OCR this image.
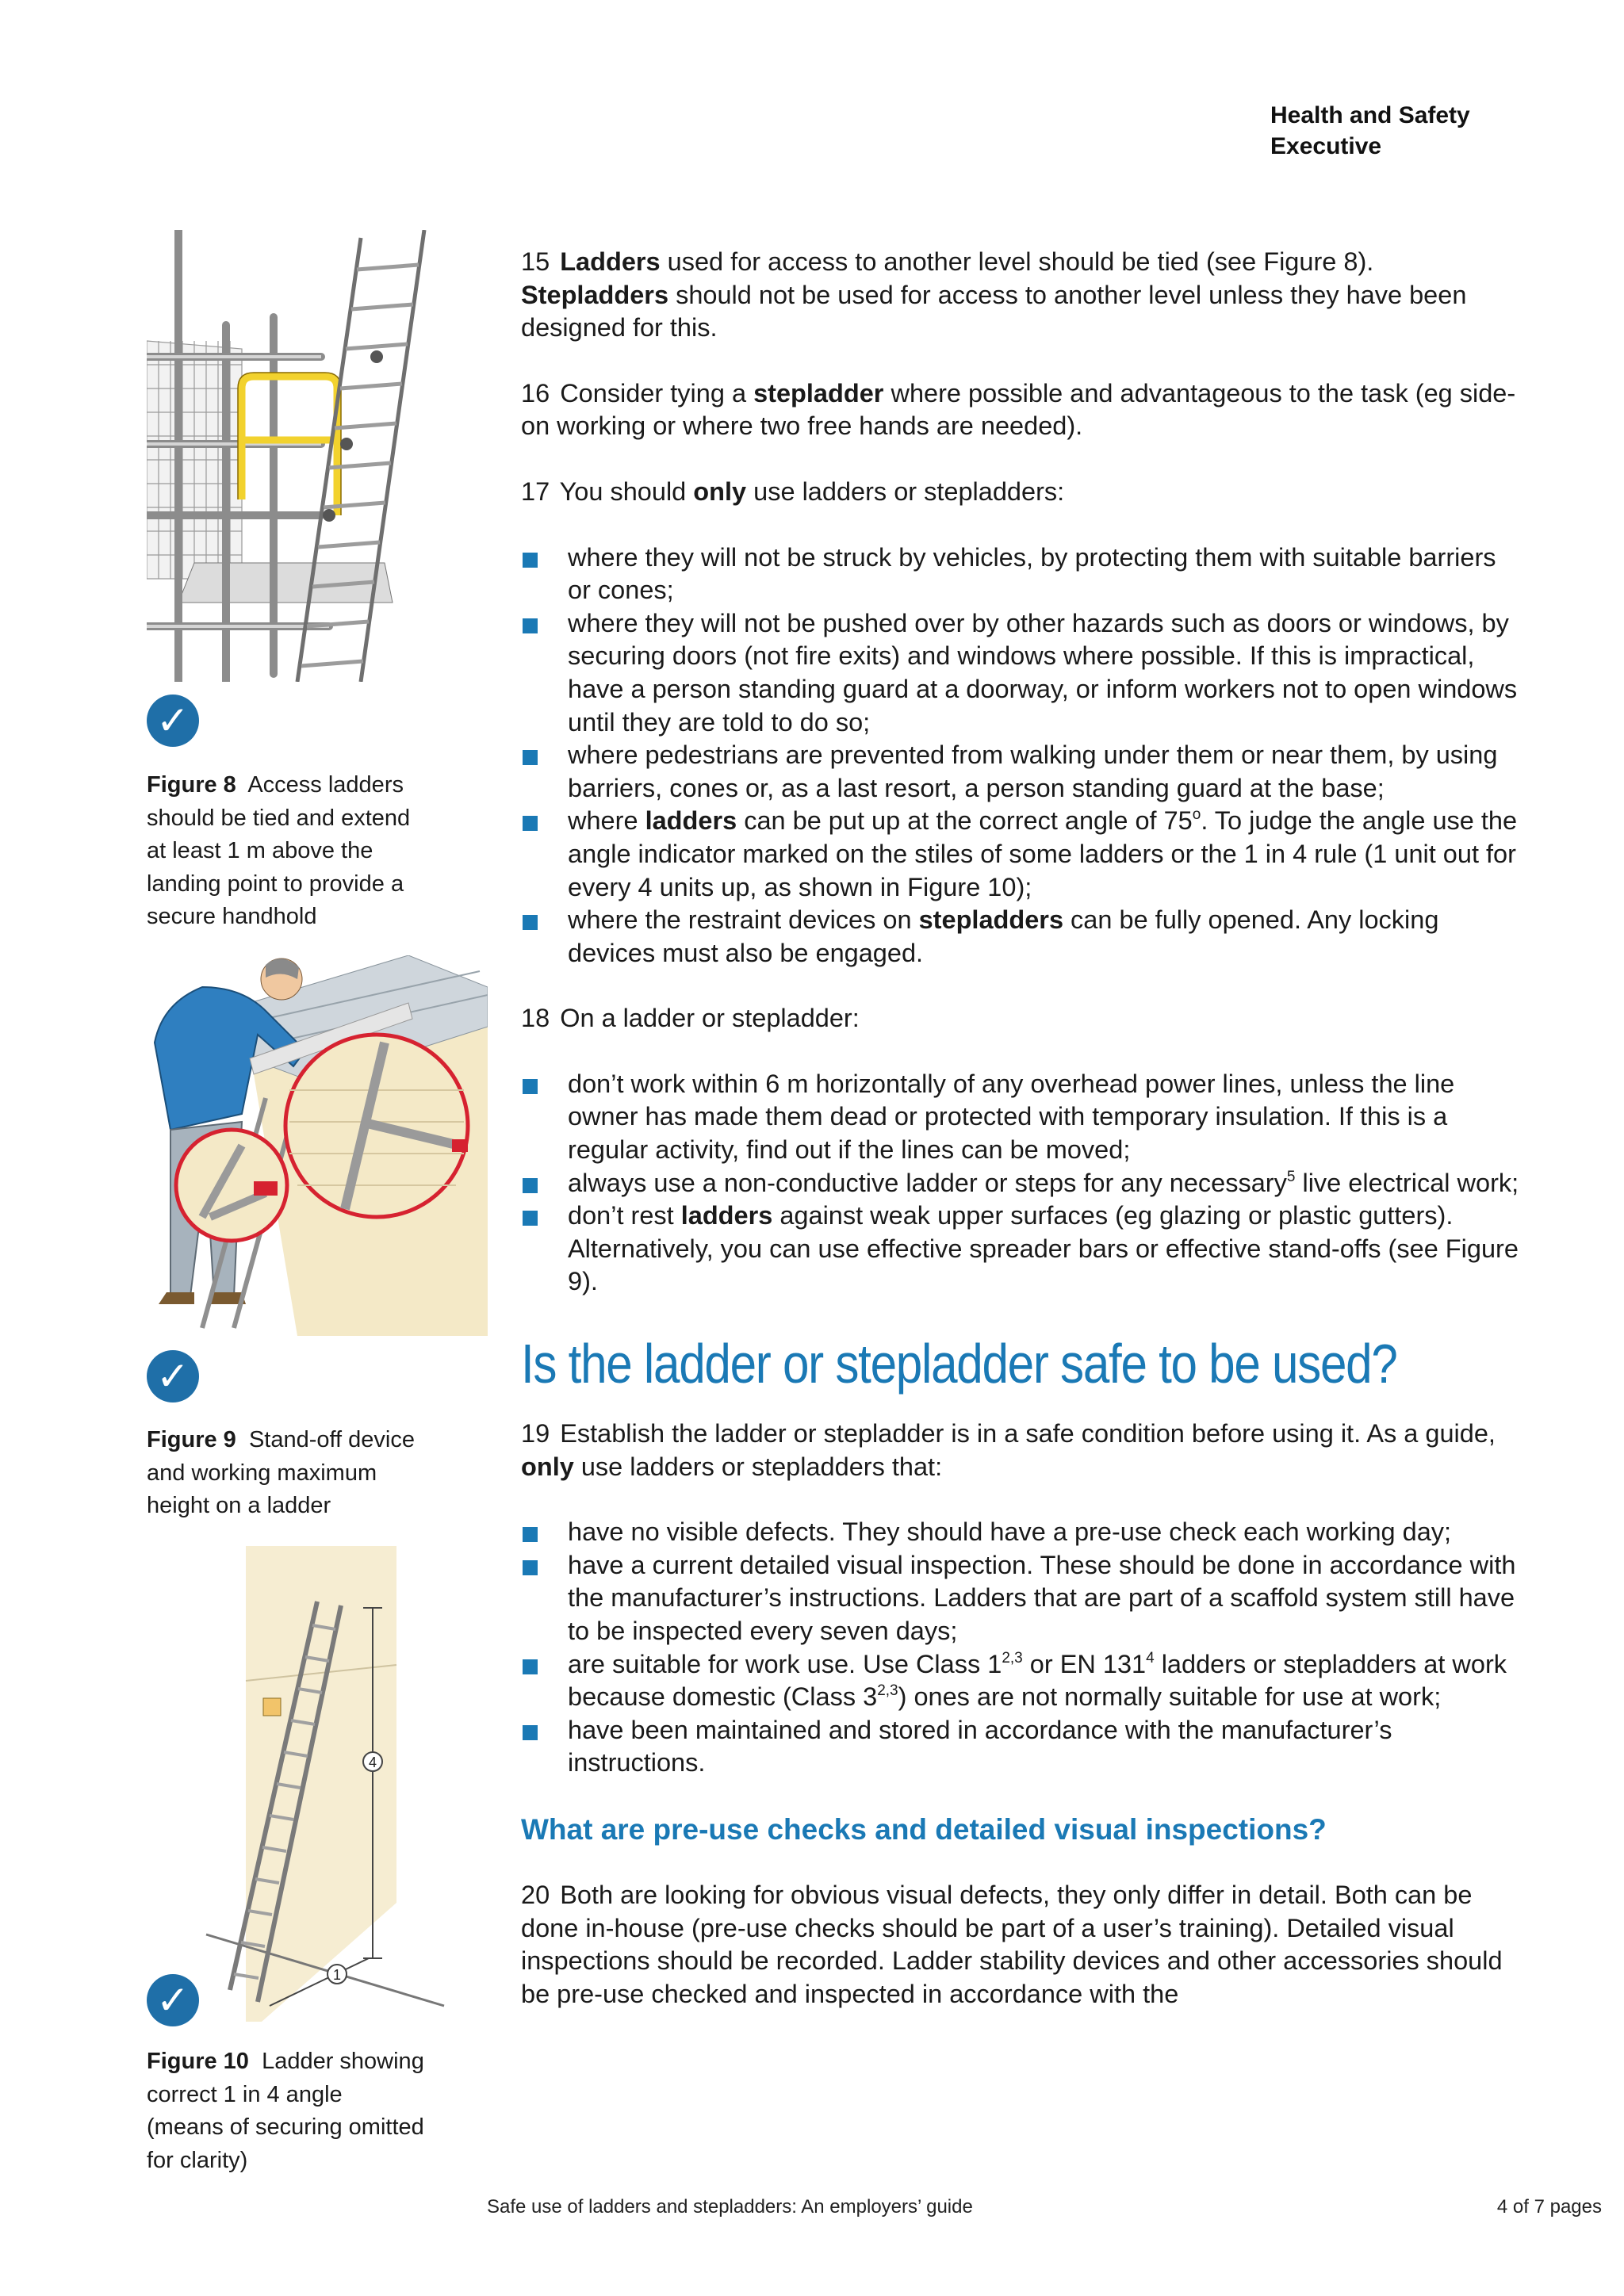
Health and Safety
Executive
✓
Figure 8 Access ladders
should be tied and extend
at least 1 m above the
landing point to provide a
secure handhold
✓
Figure 9 Stand-off device
and working maximum
height on a ladder
4
1
✓
Figure 10 Ladder showing
correct 1 in 4 angle
(means of securing omitted
for clarity)

15 Ladders used for access to another level should be tied (see Figure 8).
Stepladders should not be used for access to another level unless they have been designed for this.

16 Consider tying a stepladder where possible and advantageous to the task (eg side-on working or where two free hands are needed).

17 You should only use ladders or stepladders:

where they will not be struck by vehicles, by protecting them with suitable barriers or cones;
where they will not be pushed over by other hazards such as doors or windows, by securing doors (not fire exits) and windows where possible. If this is impractical, have a person standing guard at a doorway, or inform workers not to open windows until they are told to do so;
where pedestrians are prevented from walking under them or near them, by using barriers, cones or, as a last resort, a person standing guard at the base;
where ladders can be put up at the correct angle of 75$^o$. To judge the angle use the angle indicator marked on the stiles of some ladders or the 1 in 4 rule (1 unit out for every 4 units up, as shown in Figure 10);
where the restraint devices on stepladders can be fully opened. Any locking devices must also be engaged.

18 On a ladder or stepladder:

don’t work within 6 m horizontally of any overhead power lines, unless the line owner has made them dead or protected with temporary insulation. If this is a regular activity, find out if the lines can be moved;
always use a non-conductive ladder or steps for any necessary$^5$ live electrical work;
don’t rest ladders against weak upper surfaces (eg glazing or plastic gutters). Alternatively, you can use effective spreader bars or effective stand-offs (see Figure 9).
Is the ladder or stepladder safe to be used?

19 Establish the ladder or stepladder is in a safe condition before using it. As a guide, only use ladders or stepladders that:

have no visible defects. They should have a pre-use check each working day;
have a current detailed visual inspection. These should be done in accordance with the manufacturer’s instructions. Ladders that are part of a scaffold system still have to be inspected every seven days;
are suitable for work use. Use Class 1$^{2,3}$ or EN $131^4$ ladders or stepladders at work because domestic (Class 3$^{2,3}$) ones are not normally suitable for use at work;
have been maintained and stored in accordance with the manufacturer’s instructions.
What are pre-use checks and detailed visual inspections?

20 Both are looking for obvious visual defects, they only differ in detail. Both can be done in-house (pre-use checks should be part of a user’s training). Detailed visual inspections should be recorded. Ladder stability devices and other accessories should be pre-use checked and inspected in accordance with the

Safe use of ladders and stepladders: An employers’ guide	4 of 7 pages
